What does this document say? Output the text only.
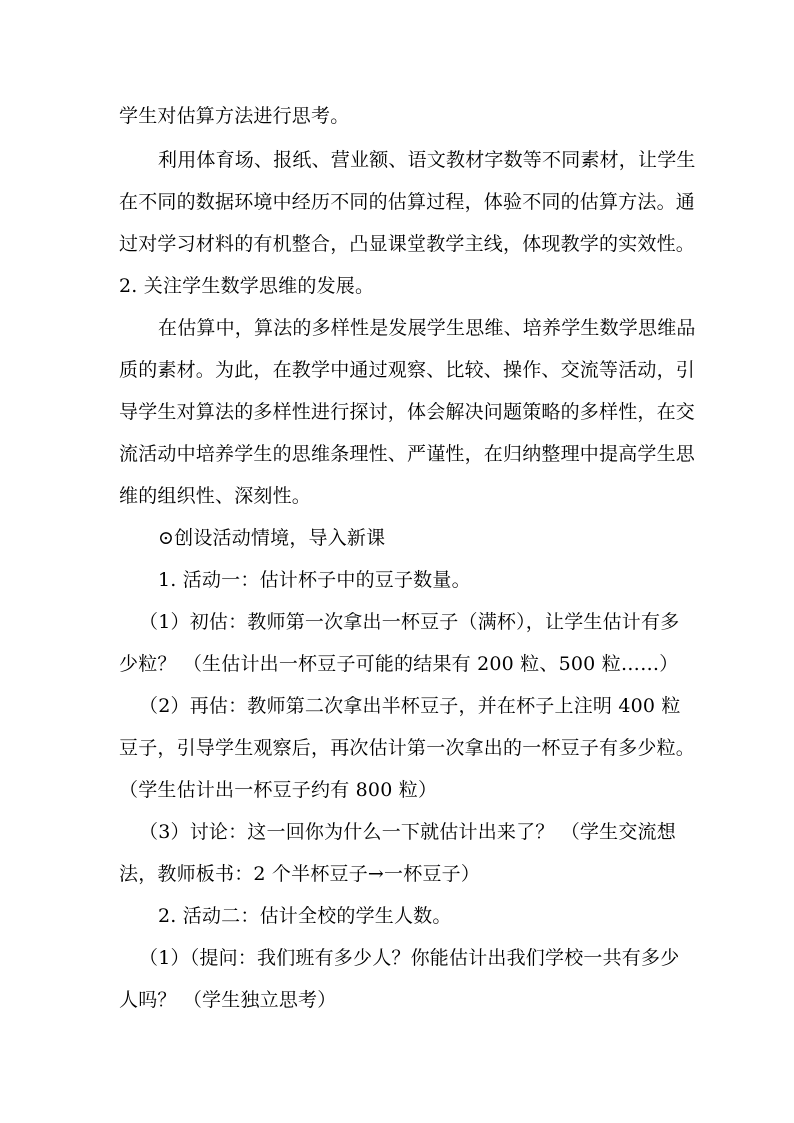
学生对估算方法进行思考。
利用体育场、报纸、营业额、语文教材字数等不同素材，让学生
在不同的数据环境中经历不同的估算过程，体验不同的估算方法。通
过对学习材料的有机整合，凸显课堂教学主线，体现教学的实效性。
2. 关注学生数学思维的发展。
在估算中，算法的多样性是发展学生思维、培养学生数学思维品
质的素材。为此，在教学中通过观察、比较、操作、交流等活动，引
导学生对算法的多样性进行探讨，体会解决问题策略的多样性，在交
流活动中培养学生的思维条理性、严谨性，在归纳整理中提高学生思
维的组织性、深刻性。
⊙创设活动情境，导入新课
1. 活动一：估计杯子中的豆子数量。
（1）初估：教师第一次拿出一杯豆子（满杯），让学生估计有多
少粒？ （生估计出一杯豆子可能的结果有 200 粒、500 粒……）
（2）再估：教师第二次拿出半杯豆子，并在杯子上注明 400 粒
豆子，引导学生观察后，再次估计第一次拿出的一杯豆子有多少粒。
（学生估计出一杯豆子约有 800 粒）
（3）讨论：这一回你为什么一下就估计出来了？ （学生交流想
法，教师板书：2 个半杯豆子→一杯豆子）
2. 活动二：估计全校的学生人数。
（1）（提问：我们班有多少人？你能估计出我们学校一共有多少
人吗？ （学生独立思考）
